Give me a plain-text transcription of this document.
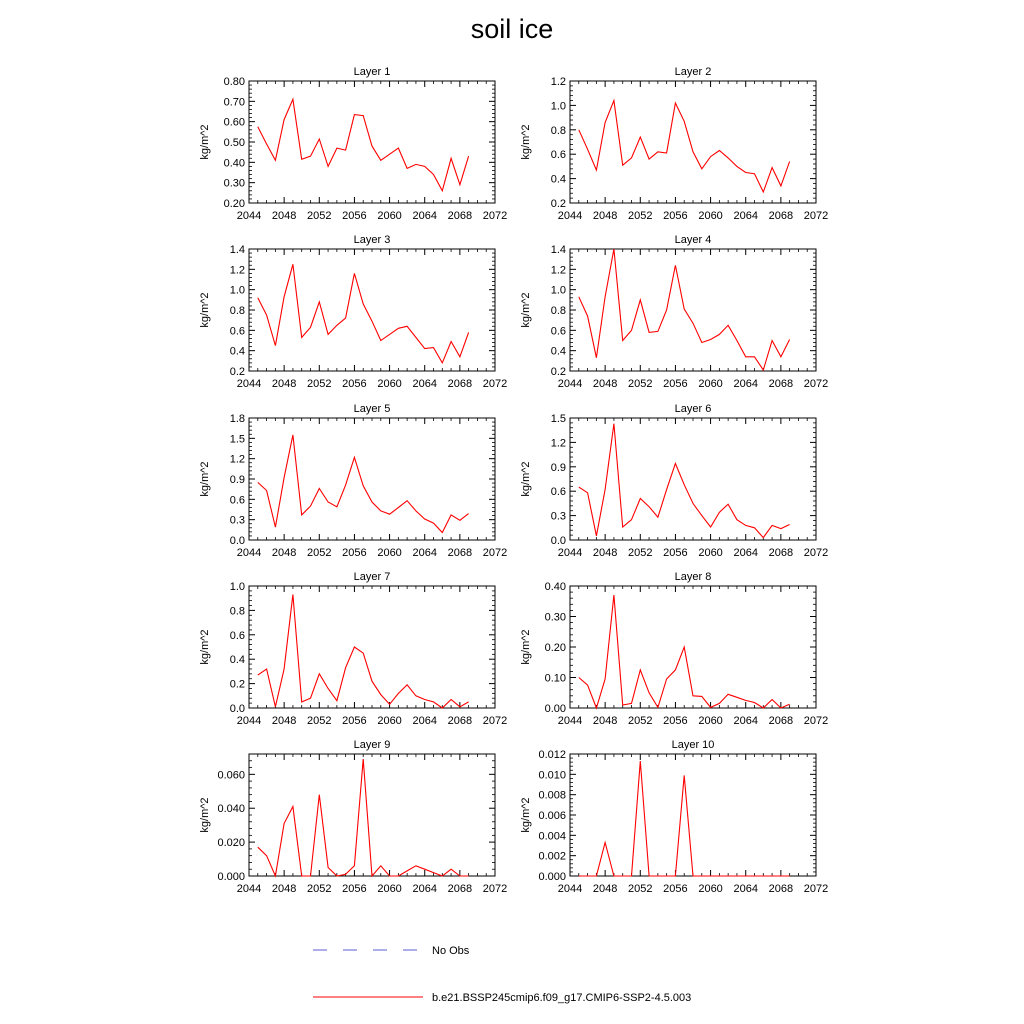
soil ice
Layer 1
2044 2048 2052 2056 2060 2064 2068 2072
0.20
0.30
0.40
0.50
0.60
0.70
0.80
kg/m^2
Layer 2
2044 2048 2052 2056 2060 2064 2068 2072
0.2
0.4
0.6
0.8
1.0
1.2
kg/m^2
Layer 3
2044 2048 2052 2056 2060 2064 2068 2072
0.2
0.4
0.6
0.8
1.0
1.2
1.4
kg/m^2
Layer 4
2044 2048 2052 2056 2060 2064 2068 2072
0.2
0.4
0.6
0.8
1.0
1.2
1.4
kg/m^2
Layer 5
2044 2048 2052 2056 2060 2064 2068 2072
0.0
0.3
0.6
0.9
1.2
1.5
1.8
kg/m^2
Layer 6
2044 2048 2052 2056 2060 2064 2068 2072
0.0
0.3
0.6
0.9
1.2
1.5
kg/m^2
Layer 7
2044 2048 2052 2056 2060 2064 2068 2072
0.0
0.2
0.4
0.6
0.8
1.0
kg/m^2
Layer 8
2044 2048 2052 2056 2060 2064 2068 2072
0.00
0.10
0.20
0.30
0.40
kg/m^2
Layer 9
2044 2048 2052 2056 2060 2064 2068 2072
0.000
0.020
0.040
0.060
kg/m^2
Layer 10
2044 2048 2052 2056 2060 2064 2068 2072
0.000
0.002
0.004
0.006
0.008
0.010
0.012
kg/m^2
No Obs
b.e21.BSSP245cmip6.f09_g17.CMIP6-SSP2-4.5.003
